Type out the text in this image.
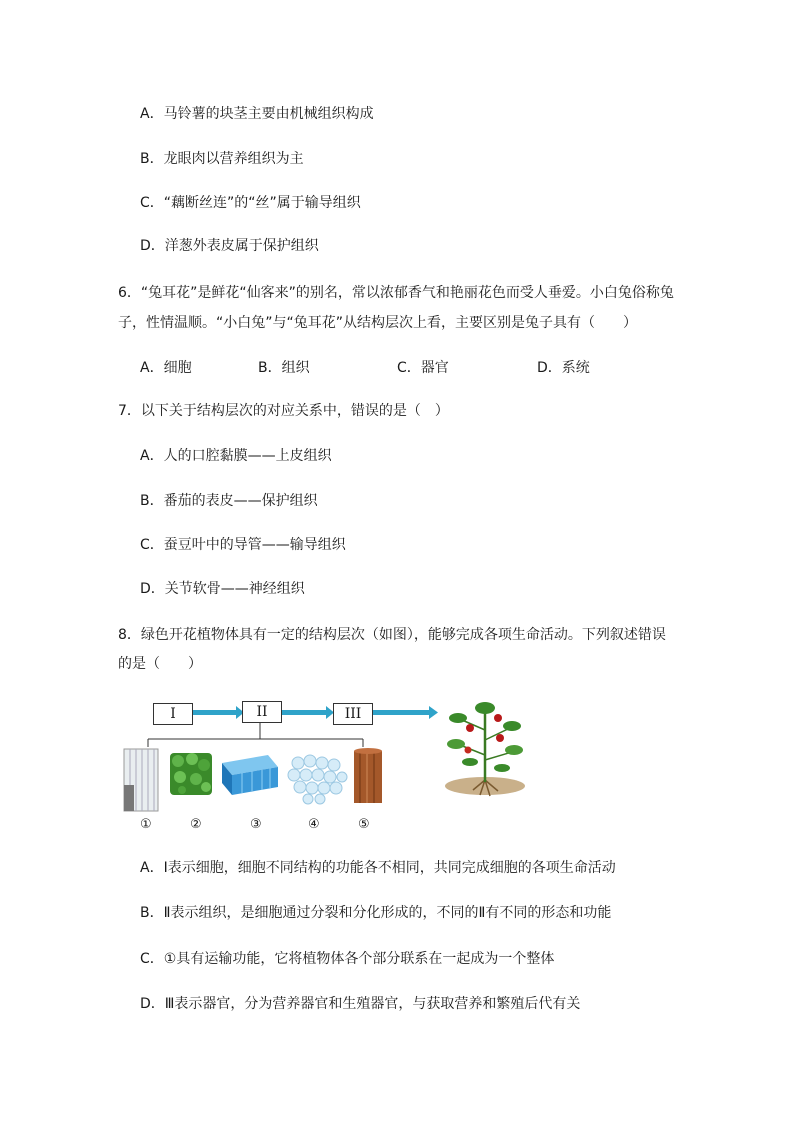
A．马铃薯的块茎主要由机械组织构成
B．龙眼肉以营养组织为主
C．“藕断丝连”的“丝”属于输导组织
D．洋葱外表皮属于保护组织
6．“兔耳花”是鲜花“仙客来”的别名，常以浓郁香气和艳丽花色而受人垂爱。小白兔俗称兔
子，性情温顺。“小白兔”与“兔耳花”从结构层次上看，主要区别是兔子具有（　　）
A．细胞	B．组织	C．器官	D．系统
7．以下关于结构层次的对应关系中，错误的是（　）
A．人的口腔黏膜——上皮组织
B．番茄的表皮——保护组织
C．蚕豆叶中的导管——输导组织
D．关节软骨——神经组织
8．绿色开花植物体具有一定的结构层次（如图），能够完成各项生命活动。下列叙述错误
的是（　　）
I	II	III
①	②	③	④	⑤
A．Ⅰ表示细胞，细胞不同结构的功能各不相同，共同完成细胞的各项生命活动
B．Ⅱ表示组织，是细胞通过分裂和分化形成的，不同的Ⅱ有不同的形态和功能
C．①具有运输功能，它将植物体各个部分联系在一起成为一个整体
D．Ⅲ表示器官，分为营养器官和生殖器官，与获取营养和繁殖后代有关
